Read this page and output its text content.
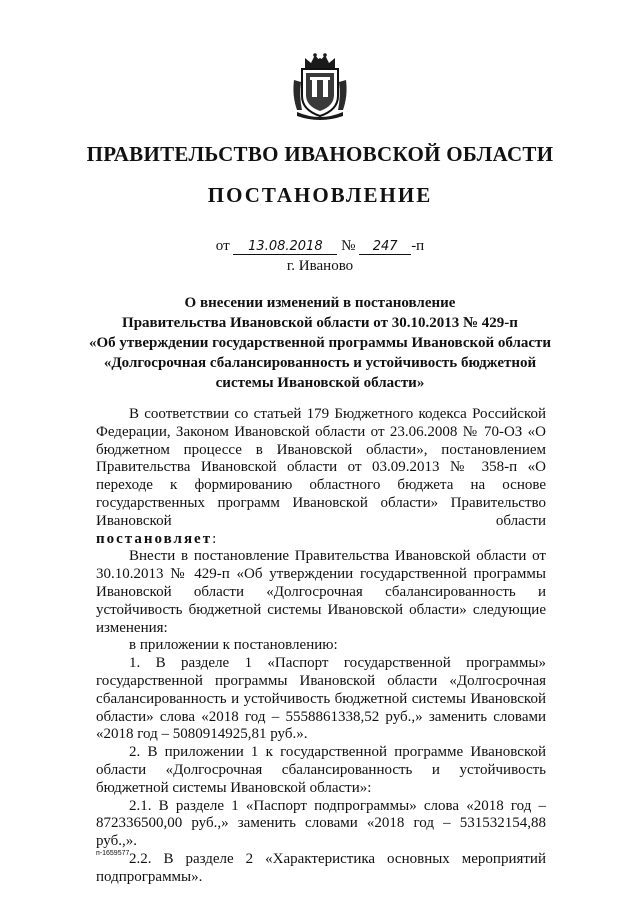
ПРАВИТЕЛЬСТВО ИВАНОВСКОЙ ОБЛАСТИ
ПОСТАНОВЛЕНИЕ
от 13.08.2018 № 247 -п
г. Иваново
О внесении изменений в постановление
Правительства Ивановской области от 30.10.2013 № 429-п
«Об утверждении государственной программы Ивановской области
«Долгосрочная сбалансированность и устойчивость бюджетной
системы Ивановской области»

В соответствии со статьей 179 Бюджетного кодекса Российской Федерации, Законом Ивановской области от 23.06.2008 № 70-ОЗ «О бюджетном процессе в Ивановской области», постановлением Правительства Ивановской области от 03.09.2013 № 358-п «О переходе к формированию областного бюджета на основе государственных программ Ивановской области» Правительство Ивановской области

постановляет:

Внести в постановление Правительства Ивановской области от 30.10.2013 № 429-п «Об утверждении государственной программы Ивановской области «Долгосрочная сбалансированность и устойчивость бюджетной системы Ивановской области» следующие изменения:

в приложении к постановлению:

1. В разделе 1 «Паспорт государственной программы» государственной программы Ивановской области «Долгосрочная сбалансированность и устойчивость бюджетной системы Ивановской области» слова «2018 год – 5558861338,52 руб.,» заменить словами «2018 год – 5080914925,81 руб.».

2. В приложении 1 к государственной программе Ивановской области «Долгосрочная сбалансированность и устойчивость бюджетной системы Ивановской области»:

2.1. В разделе 1 «Паспорт подпрограммы» слова «2018 год – 872336500,00 руб.,» заменить словами «2018 год – 531532154,88 руб.,».

2.2. В разделе 2 «Характеристика основных мероприятий подпрограммы».

п-1659577
